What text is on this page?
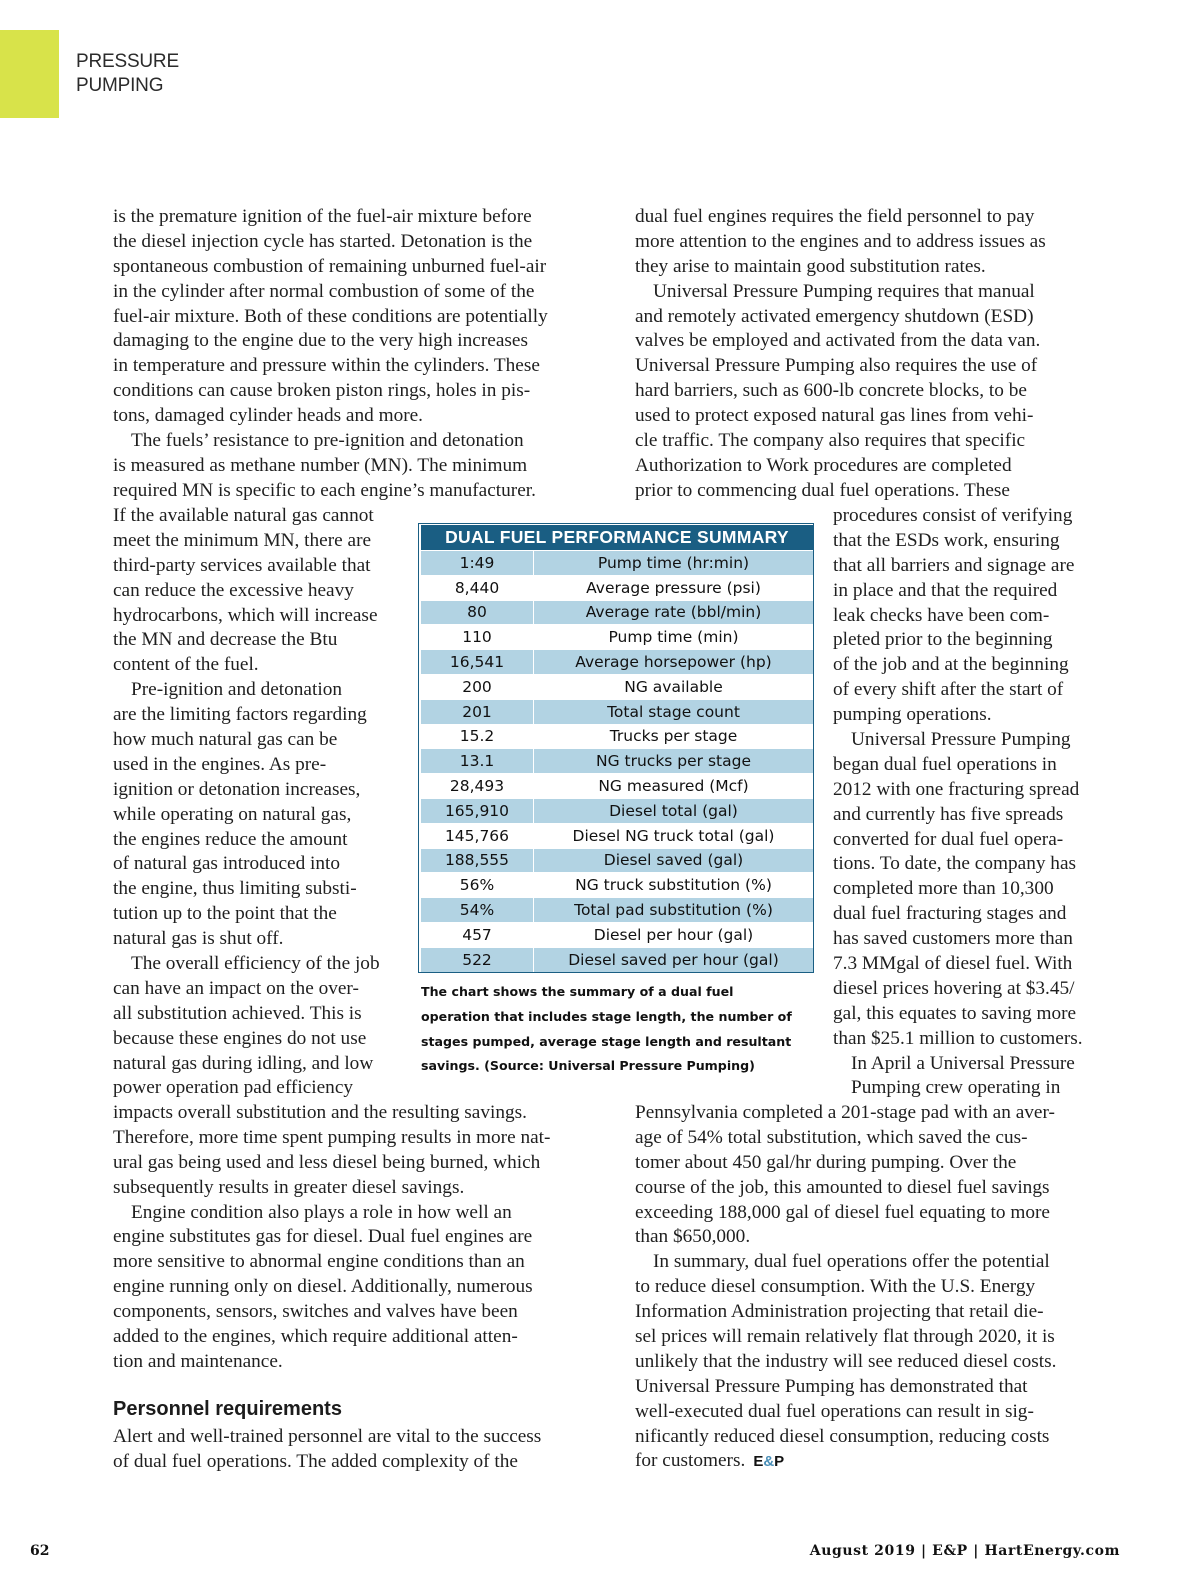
PRESSURE
PUMPING
is the premature ignition of the fuel-air mixture before
the diesel injection cycle has started. Detonation is the
spontaneous combustion of remaining unburned fuel-air
in the cylinder after normal combustion of some of the
fuel-air mixture. Both of these conditions are potentially
damaging to the engine due to the very high increases
in temperature and pressure within the cylinders. These
conditions can cause broken piston rings, holes in pis-
tons, damaged cylinder heads and more.
The fuels’ resistance to pre-ignition and detonation
is measured as methane number (MN). The minimum
required MN is specific to each engine’s manufacturer.
If the available natural gas cannot
meet the minimum MN, there are
third-party services available that
can reduce the excessive heavy
hydrocarbons, which will increase
the MN and decrease the Btu
content of the fuel.
Pre-ignition and detonation
are the limiting factors regarding
how much natural gas can be
used in the engines. As pre-
ignition or detonation increases,
while operating on natural gas,
the engines reduce the amount
of natural gas introduced into
the engine, thus limiting substi-
tution up to the point that the
natural gas is shut off.
The overall efficiency of the job
can have an impact on the over-
all substitution achieved. This is
because these engines do not use
natural gas during idling, and low
power operation pad efficiency
impacts overall substitution and the resulting savings.
Therefore, more time spent pumping results in more nat-
ural gas being used and less diesel being burned, which
subsequently results in greater diesel savings.
Engine condition also plays a role in how well an
engine substitutes gas for diesel. Dual fuel engines are
more sensitive to abnormal engine conditions than an
engine running only on diesel. Additionally, numerous
components, sensors, switches and valves have been
added to the engines, which require additional atten-
tion and maintenance.
Personnel requirements
Alert and well-trained personnel are vital to the success
of dual fuel operations. The added complexity of the
dual fuel engines requires the field personnel to pay
more attention to the engines and to address issues as
they arise to maintain good substitution rates.
Universal Pressure Pumping requires that manual
and remotely activated emergency shutdown (ESD)
valves be employed and activated from the data van.
Universal Pressure Pumping also requires the use of
hard barriers, such as 600-lb concrete blocks, to be
used to protect exposed natural gas lines from vehi-
cle traffic. The company also requires that specific
Authorization to Work procedures are completed
prior to commencing dual fuel operations. These
procedures consist of verifying
that the ESDs work, ensuring
that all barriers and signage are
in place and that the required
leak checks have been com-
pleted prior to the beginning
of the job and at the beginning
of every shift after the start of
pumping operations.
Universal Pressure Pumping
began dual fuel operations in
2012 with one fracturing spread
and currently has five spreads
converted for dual fuel opera-
tions. To date, the company has
completed more than 10,300
dual fuel fracturing stages and
has saved customers more than
7.3 MMgal of diesel fuel. With
diesel prices hovering at $3.45/
gal, this equates to saving more
than $25.1 million to customers.
In April a Universal Pressure
Pumping crew operating in
Pennsylvania completed a 201-stage pad with an aver-
age of 54% total substitution, which saved the cus-
tomer about 450 gal/hr during pumping. Over the
course of the job, this amounted to diesel fuel savings
exceeding 188,000 gal of diesel fuel equating to more
than $650,000.
In summary, dual fuel operations offer the potential
to reduce diesel consumption. With the U.S. Energy
Information Administration projecting that retail die-
sel prices will remain relatively flat through 2020, it is
unlikely that the industry will see reduced diesel costs.
Universal Pressure Pumping has demonstrated that
well-executed dual fuel operations can result in sig-
nificantly reduced diesel consumption, reducing costs
for customers. E&P
DUAL FUEL PERFORMANCE SUMMARY	
1:49	Pump time (hr:min)
8,440	Average pressure (psi)
80	Average rate (bbl/min)
110	Pump time (min)
16,541	Average horsepower (hp)
200	NG available
201	Total stage count
15.2	Trucks per stage
13.1	NG trucks per stage
28,493	NG measured (Mcf)
165,910	Diesel total (gal)
145,766	Diesel NG truck total (gal)
188,555	Diesel saved (gal)
56%	NG truck substitution (%)
54%	Total pad substitution (%)
457	Diesel per hour (gal)
522	Diesel saved per hour (gal)
The chart shows the summary of a dual fuel
operation that includes stage length, the number of
stages pumped, average stage length and resultant
savings. (Source: Universal Pressure Pumping)
62	August 2019 | E&P | HartEnergy.com
